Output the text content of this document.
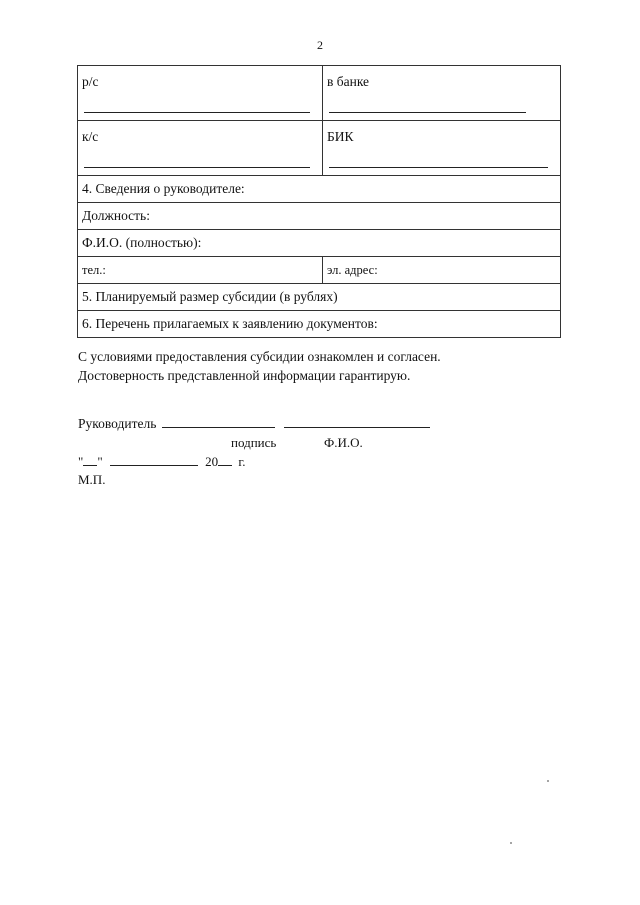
2
р/с	в банке

к/с	БИК

4. Сведения о руководителе:	
Должность:	
Ф.И.О. (полностью):	
тел.:	эл. адрес:
5. Планируемый размер субсидии (в рублях)	
6. Перечень прилагаемых к заявлению документов:	
С условиями предоставления субсидии ознакомлен и согласен.
Достоверность представленной информации гарантирую.
Руководитель
подпись	Ф.И.О.
" "	20 г.
М.П.
